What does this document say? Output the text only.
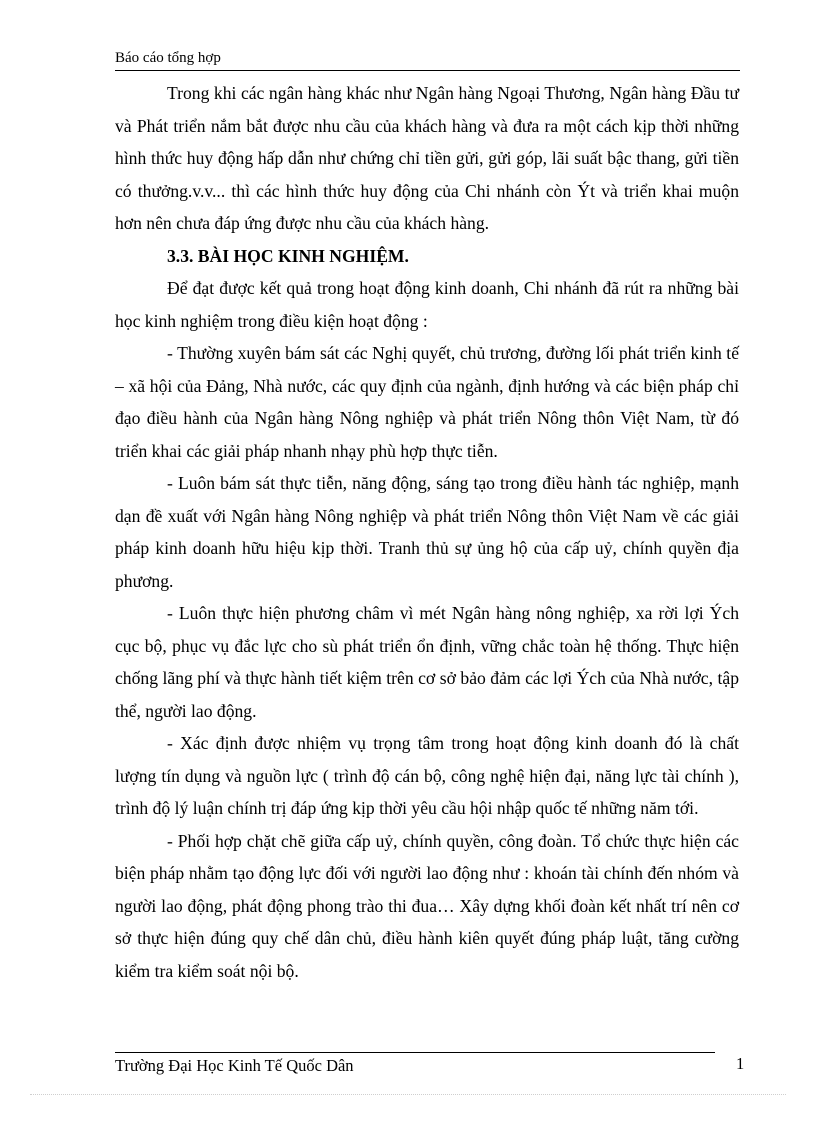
Báo cáo tổng hợp

Trong khi các ngân hàng khác như Ngân hàng Ngoại Thương, Ngân hàng Đầu tư và Phát triển nắm bắt được nhu cầu của khách hàng và đưa ra một cách kịp thời những hình thức huy động hấp dẫn như chứng chỉ tiền gửi, gửi góp, lãi suất bậc thang, gửi tiền có thưởng.v.v... thì các hình thức huy động của Chi nhánh còn Ýt và triển khai muộn hơn nên chưa đáp ứng được nhu cầu của khách hàng.

3.3. BÀI HỌC KINH NGHIỆM.

Để đạt được kết quả trong hoạt động kinh doanh, Chi nhánh đã rút ra những bài học kinh nghiệm trong điều kiện hoạt động :

- Thường xuyên bám sát các Nghị quyết, chủ trương, đường lối phát triển kinh tế – xã hội của Đảng, Nhà nước, các quy định của ngành, định hướng và các biện pháp chỉ đạo điều hành của Ngân hàng Nông nghiệp và phát triển Nông thôn Việt Nam, từ đó triển khai các giải pháp nhanh nhạy phù hợp thực tiễn.

- Luôn bám sát thực tiễn, năng động, sáng tạo trong điều hành tác nghiệp, mạnh dạn đề xuất với Ngân hàng Nông nghiệp và phát triển Nông thôn Việt Nam về các giải pháp kinh doanh hữu hiệu kịp thời. Tranh thủ sự ủng hộ của cấp uỷ, chính quyền địa phương.

- Luôn thực hiện phương châm vì mét Ngân hàng nông nghiệp, xa rời lợi Ých cục bộ, phục vụ đắc lực cho sù phát triển ổn định, vững chắc toàn hệ thống. Thực hiện chống lãng phí và thực hành tiết kiệm trên cơ sở bảo đảm các lợi Ých của Nhà nước, tập thể, người lao động.

- Xác định được nhiệm vụ trọng tâm trong hoạt động kinh doanh đó là chất lượng tín dụng và nguồn lực ( trình độ cán bộ, công nghệ hiện đại, năng lực tài chính ), trình độ lý luận chính trị đáp ứng kịp thời yêu cầu hội nhập quốc tế những năm tới.

- Phối hợp chặt chẽ giữa cấp uỷ, chính quyền, công đoàn. Tổ chức thực hiện các biện pháp nhằm tạo động lực đối với người lao động như : khoán tài chính đến nhóm và người lao động, phát động phong trào thi đua… Xây dựng khối đoàn kết nhất trí nên cơ sở thực hiện đúng quy chế dân chủ, điều hành kiên quyết đúng pháp luật, tăng cường kiểm tra kiểm soát nội bộ.

Trường Đại Học Kinh Tế Quốc Dân	1
